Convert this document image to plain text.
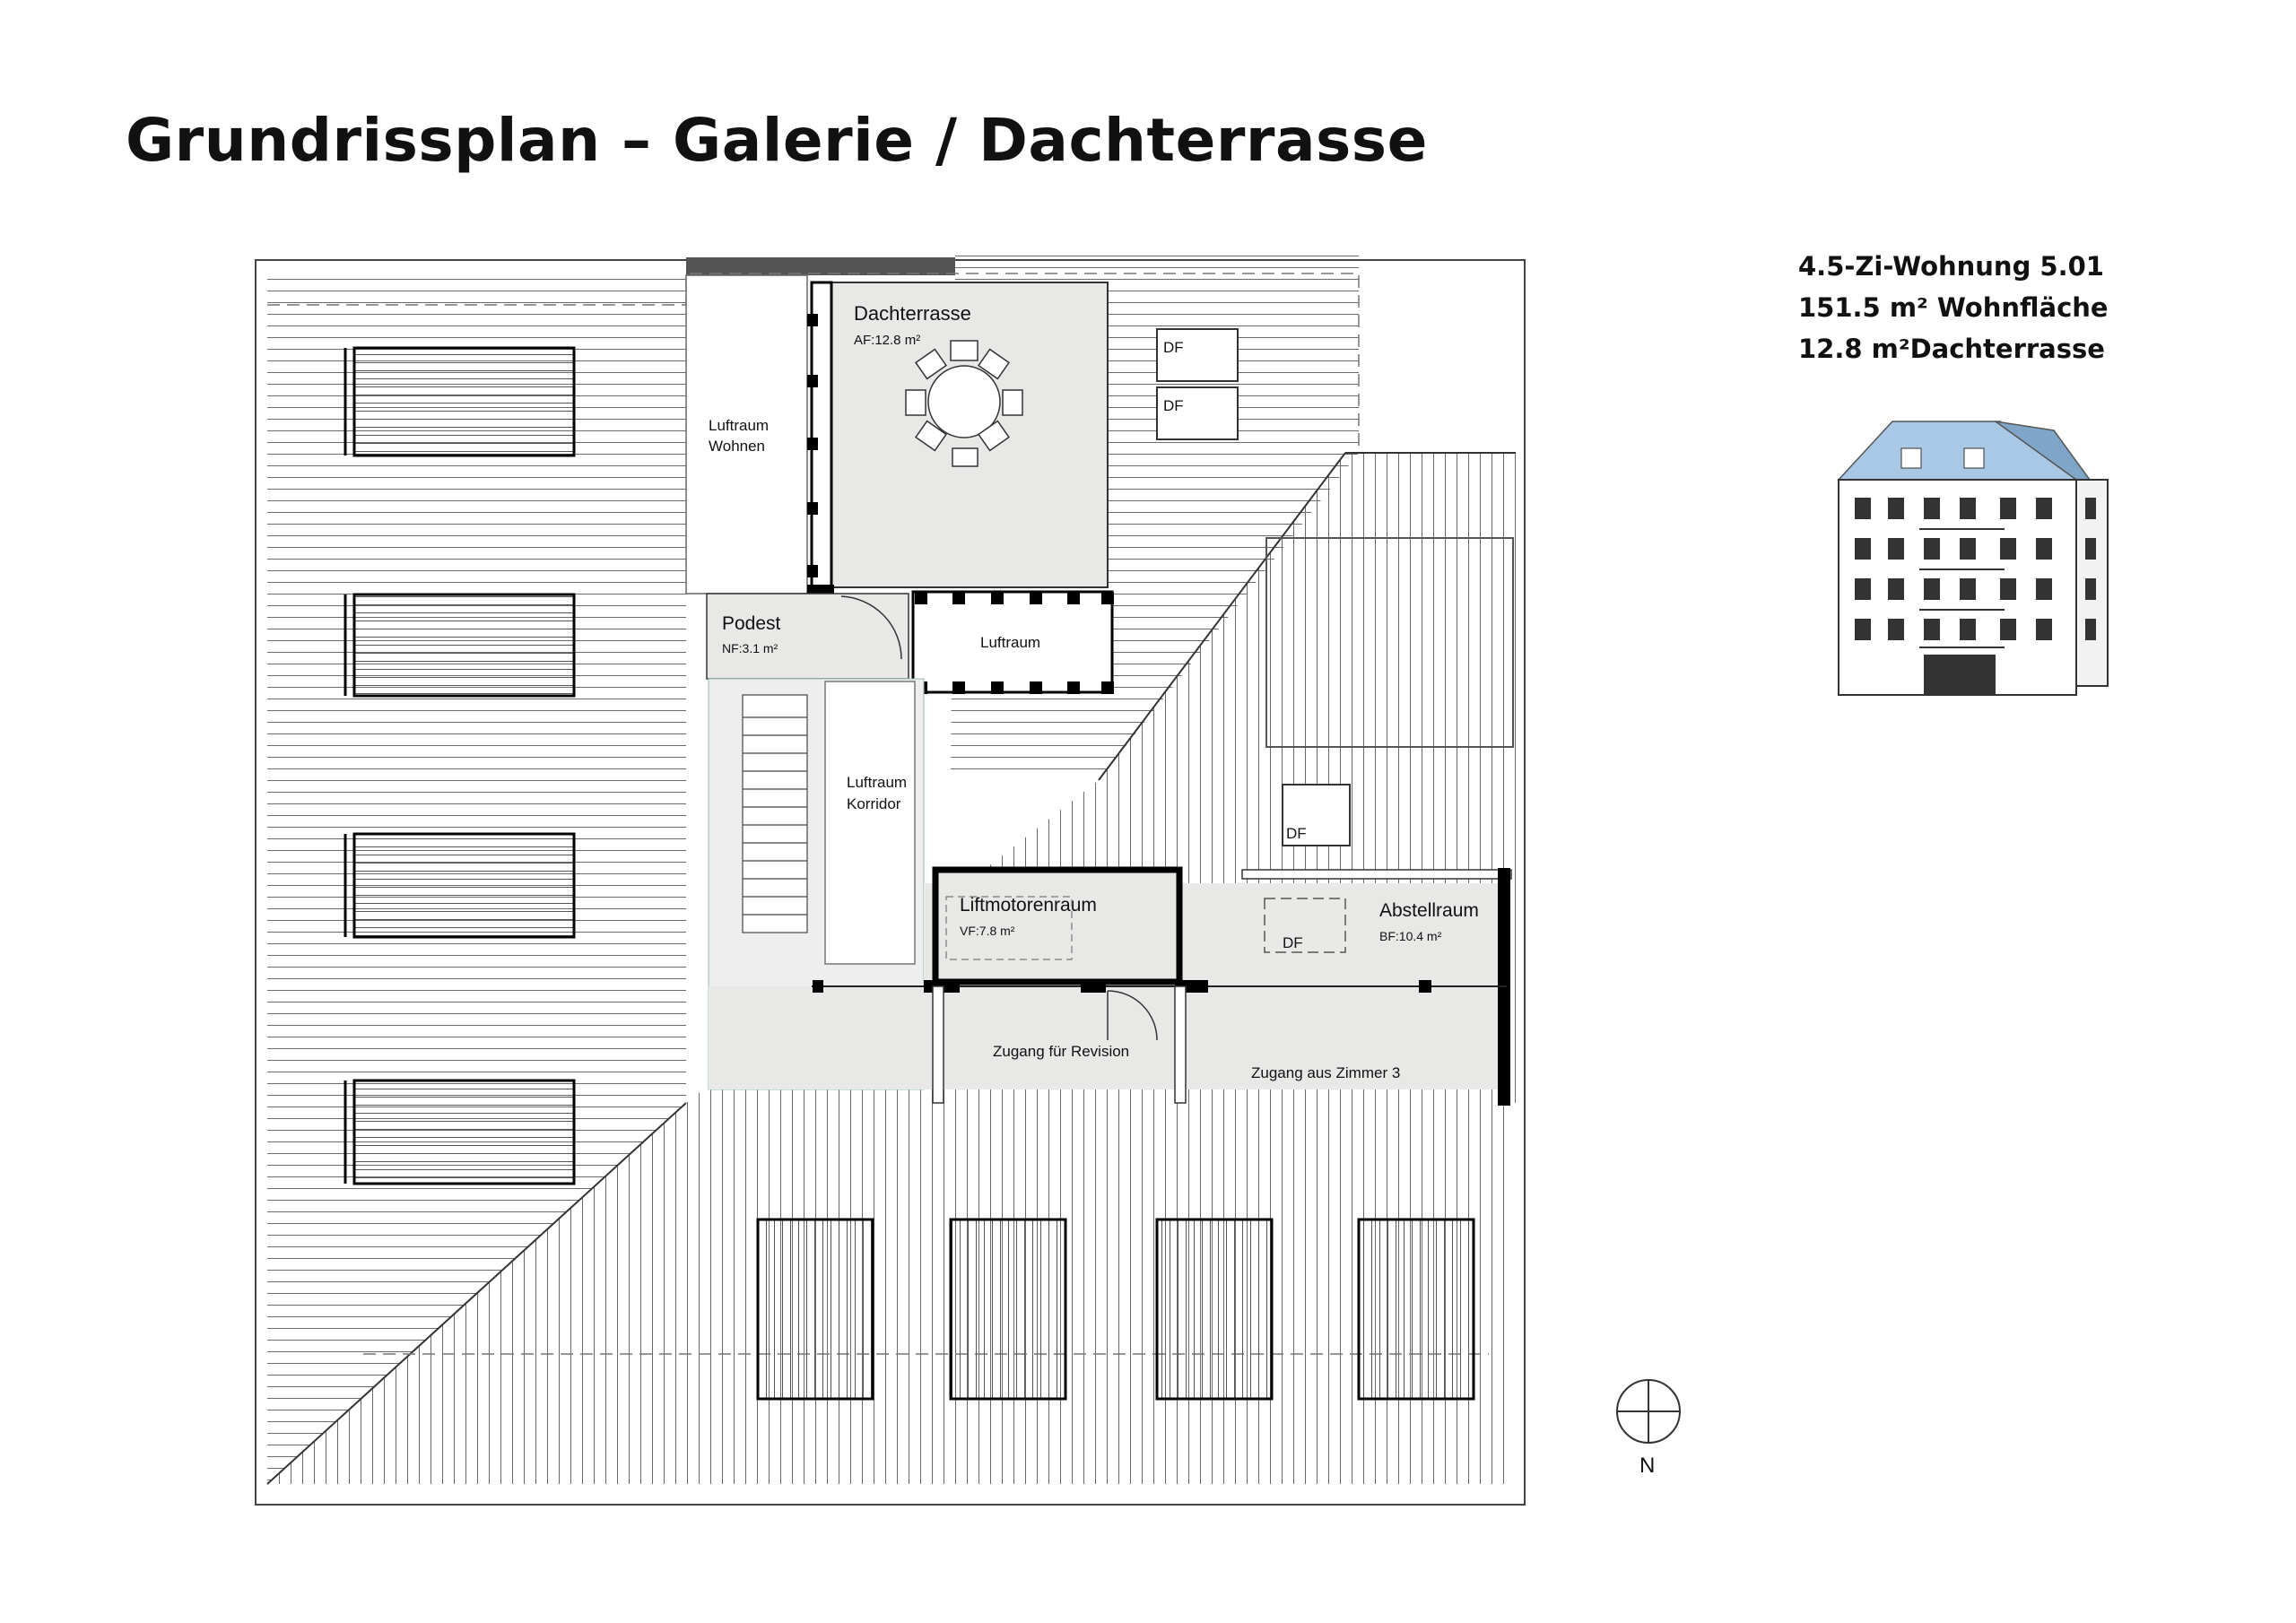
Grundrissplan – Galerie / Dachterrasse
4.5-Zi-Wohnung 5.01
151.5 m² Wohnfläche
12.8 m²Dachterrasse
Luftraum
Wohnen
Dachterrasse
AF:12.8 m²	DF
DF
Podest
NF:3.1 m²	Luftraum
Luftraum
Korridor
DF
DF
Liftmotorenraum
VF:7.8 m²
Abstellraum
BF:10.4 m²
Zugang für Revision
Zugang aus Zimmer 3
N
